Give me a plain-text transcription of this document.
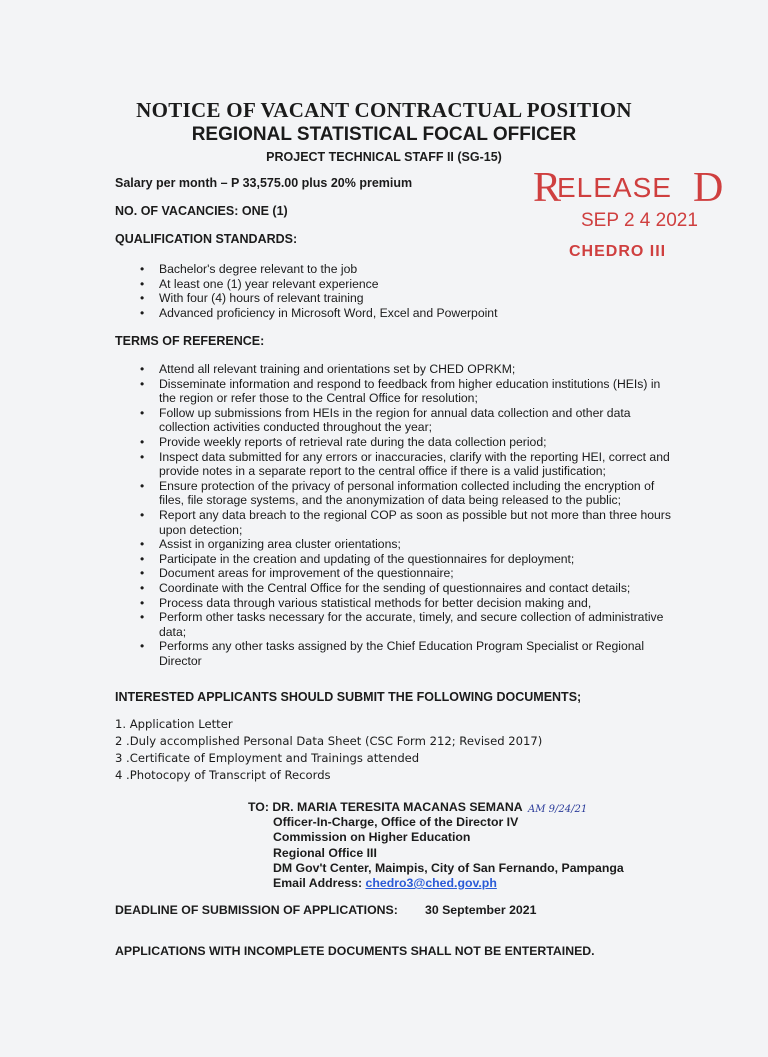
NOTICE OF VACANT CONTRACTUAL POSITION
REGIONAL STATISTICAL FOCAL OFFICER
PROJECT TECHNICAL STAFF II (SG-15)
Salary per month – P 33,575.00 plus 20% premium
NO. OF VACANCIES: ONE (1)
QUALIFICATION STANDARDS:
• Bachelor's degree relevant to the job
• At least one (1) year relevant experience
• With four (4) hours of relevant training
• Advanced proficiency in Microsoft Word, Excel and Powerpoint
TERMS OF REFERENCE:
• Attend all relevant training and orientations set by CHED OPRKM;
• Disseminate information and respond to feedback from higher education institutions (HEIs) in the region or refer those to the Central Office for resolution;
• Follow up submissions from HEIs in the region for annual data collection and other data collection activities conducted throughout the year;
• Provide weekly reports of retrieval rate during the data collection period;
• Inspect data submitted for any errors or inaccuracies, clarify with the reporting HEI, correct and provide notes in a separate report to the central office if there is a valid justification;
• Ensure protection of the privacy of personal information collected including the encryption of files, file storage systems, and the anonymization of data being released to the public;
• Report any data breach to the regional COP as soon as possible but not more than three hours upon detection;
• Assist in organizing area cluster orientations;
• Participate in the creation and updating of the questionnaires for deployment;
• Document areas for improvement of the questionnaire;
• Coordinate with the Central Office for the sending of questionnaires and contact details;
• Process data through various statistical methods for better decision making and,
• Perform other tasks necessary for the accurate, timely, and secure collection of administrative data;
• Performs any other tasks assigned by the Chief Education Program Specialist or Regional Director
INTERESTED APPLICANTS SHOULD SUBMIT THE FOLLOWING DOCUMENTS;
1. Application Letter
2 .Duly accomplished Personal Data Sheet (CSC Form 212; Revised 2017)
3 .Certificate of Employment and Trainings attended
4 .Photocopy of Transcript of Records
TO: DR. MARIA TERESITA MACANAS SEMANA
Officer-In-Charge, Office of the Director IV
Commission on Higher Education
Regional Office III
DM Gov't Center, Maimpis, City of San Fernando, Pampanga
Email Address: chedro3@ched.gov.ph
AM 9/24/21
DEADLINE OF SUBMISSION OF APPLICATIONS: 30 September 2021
APPLICATIONS WITH INCOMPLETE DOCUMENTS SHALL NOT BE ENTERTAINED.
R
ELEASE D
SEP 2 4 2021
CHEDRO III
